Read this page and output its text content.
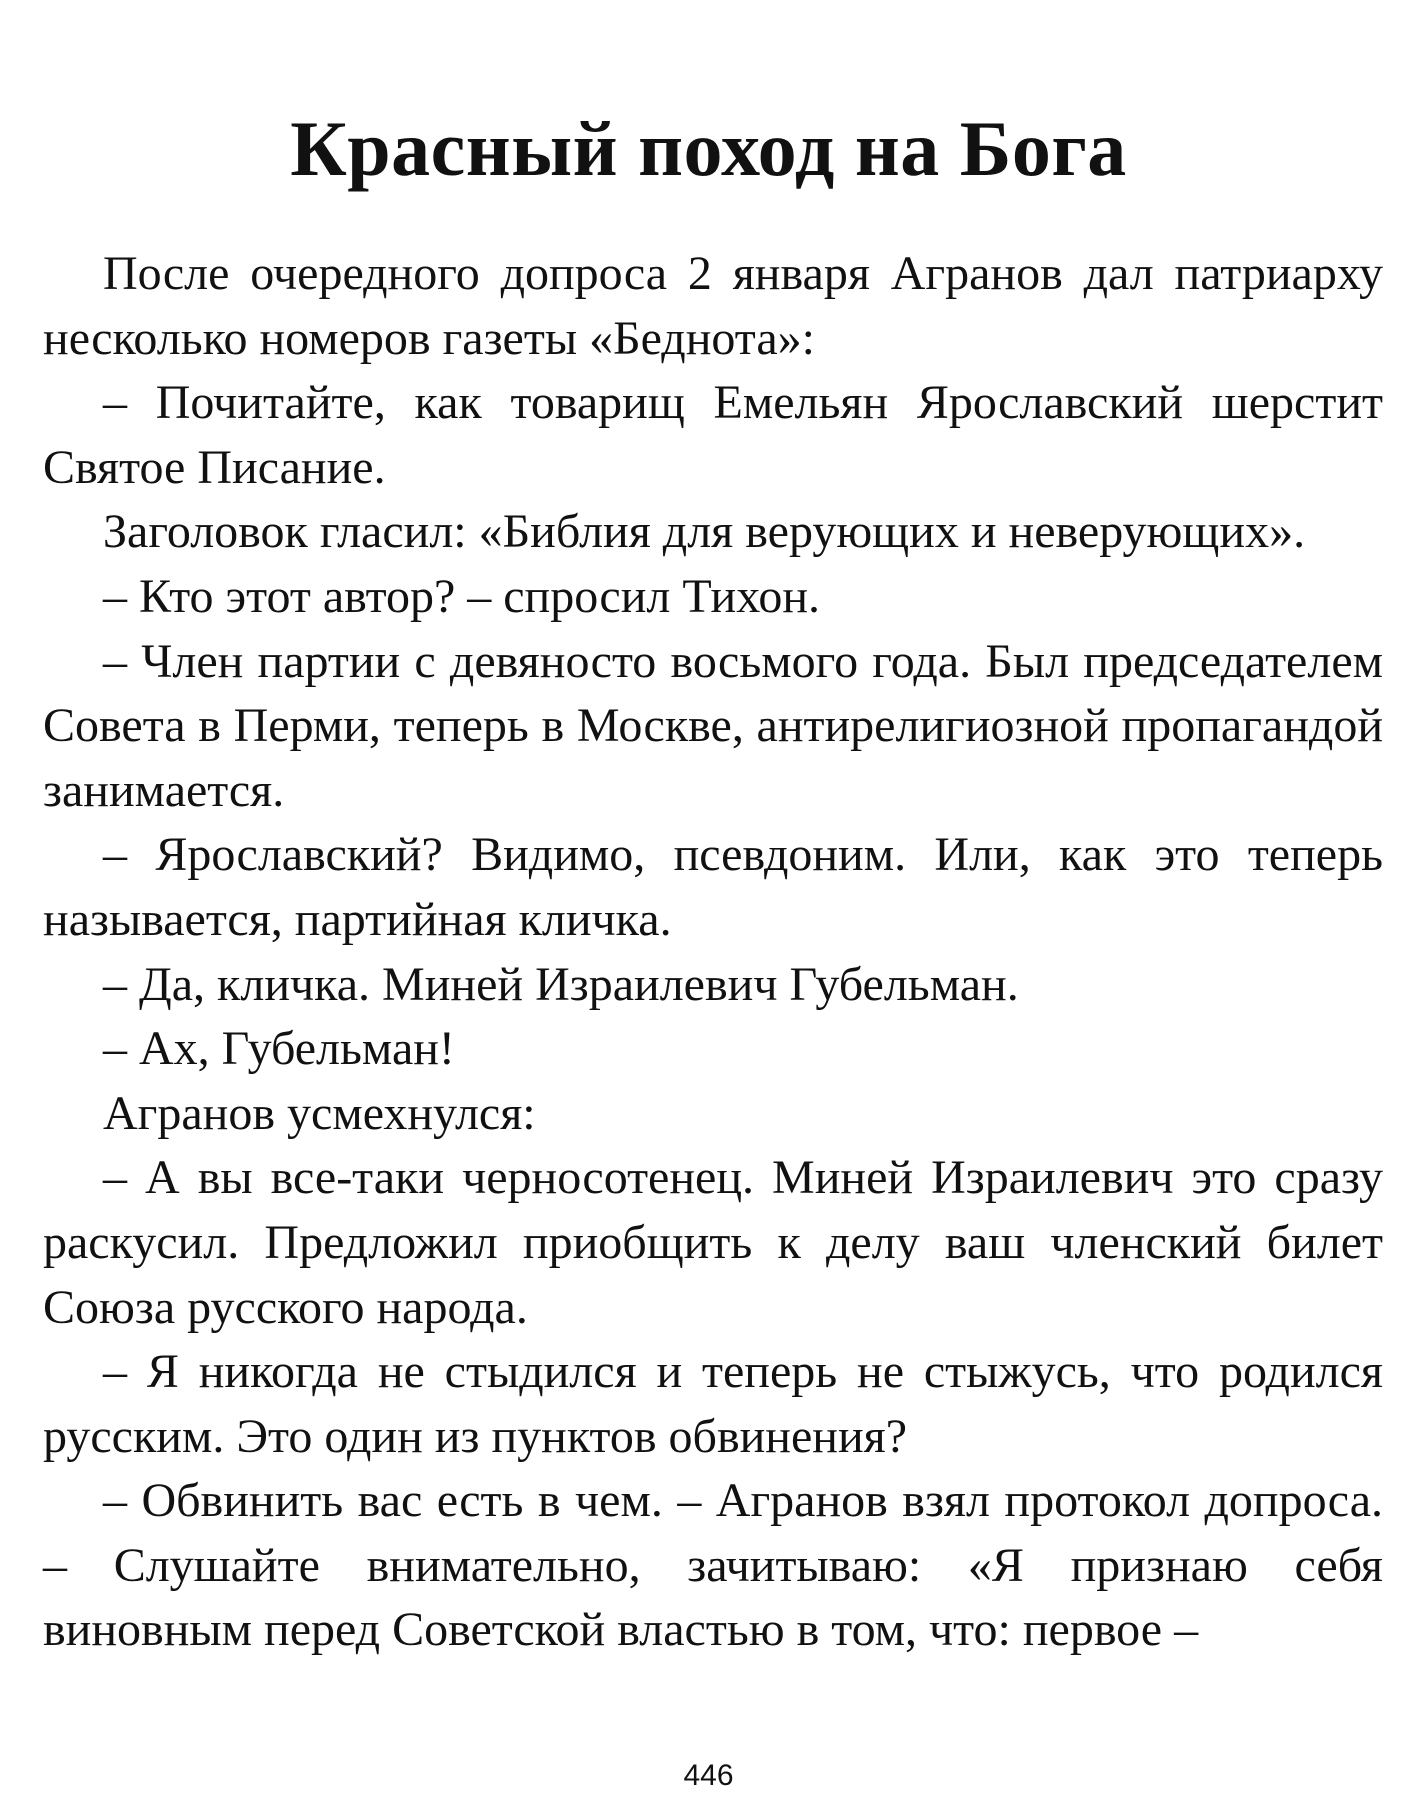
Красный поход на Бога

После очередного допроса 2 января Агранов дал патриарху несколько номеров газеты «Беднота»:

– Почитайте, как товарищ Емельян Ярославский шерстит Святое Писание.

Заголовок гласил: «Библия для верующих и неверующих».

– Кто этот автор? – спросил Тихон.

– Член партии с девяносто восьмого года. Был председателем Совета в Перми, теперь в Москве, антирелигиозной пропагандой занимается.

– Ярославский? Видимо, псевдоним. Или, как это теперь называется, партийная кличка.

– Да, кличка. Миней Израилевич Губельман.

– Ах, Губельман!

Агранов усмехнулся:

– А вы все-таки черносотенец. Миней Израилевич это сразу раскусил. Предложил приобщить к делу ваш членский билет Союза русского народа.

– Я никогда не стыдился и теперь не стыжусь, что родился русским. Это один из пунктов обвинения?

– Обвинить вас есть в чем. – Агранов взял протокол допроса. – Слушайте внимательно, зачитываю: «Я признаю себя виновным перед Советской властью в том, что: первое –

446
